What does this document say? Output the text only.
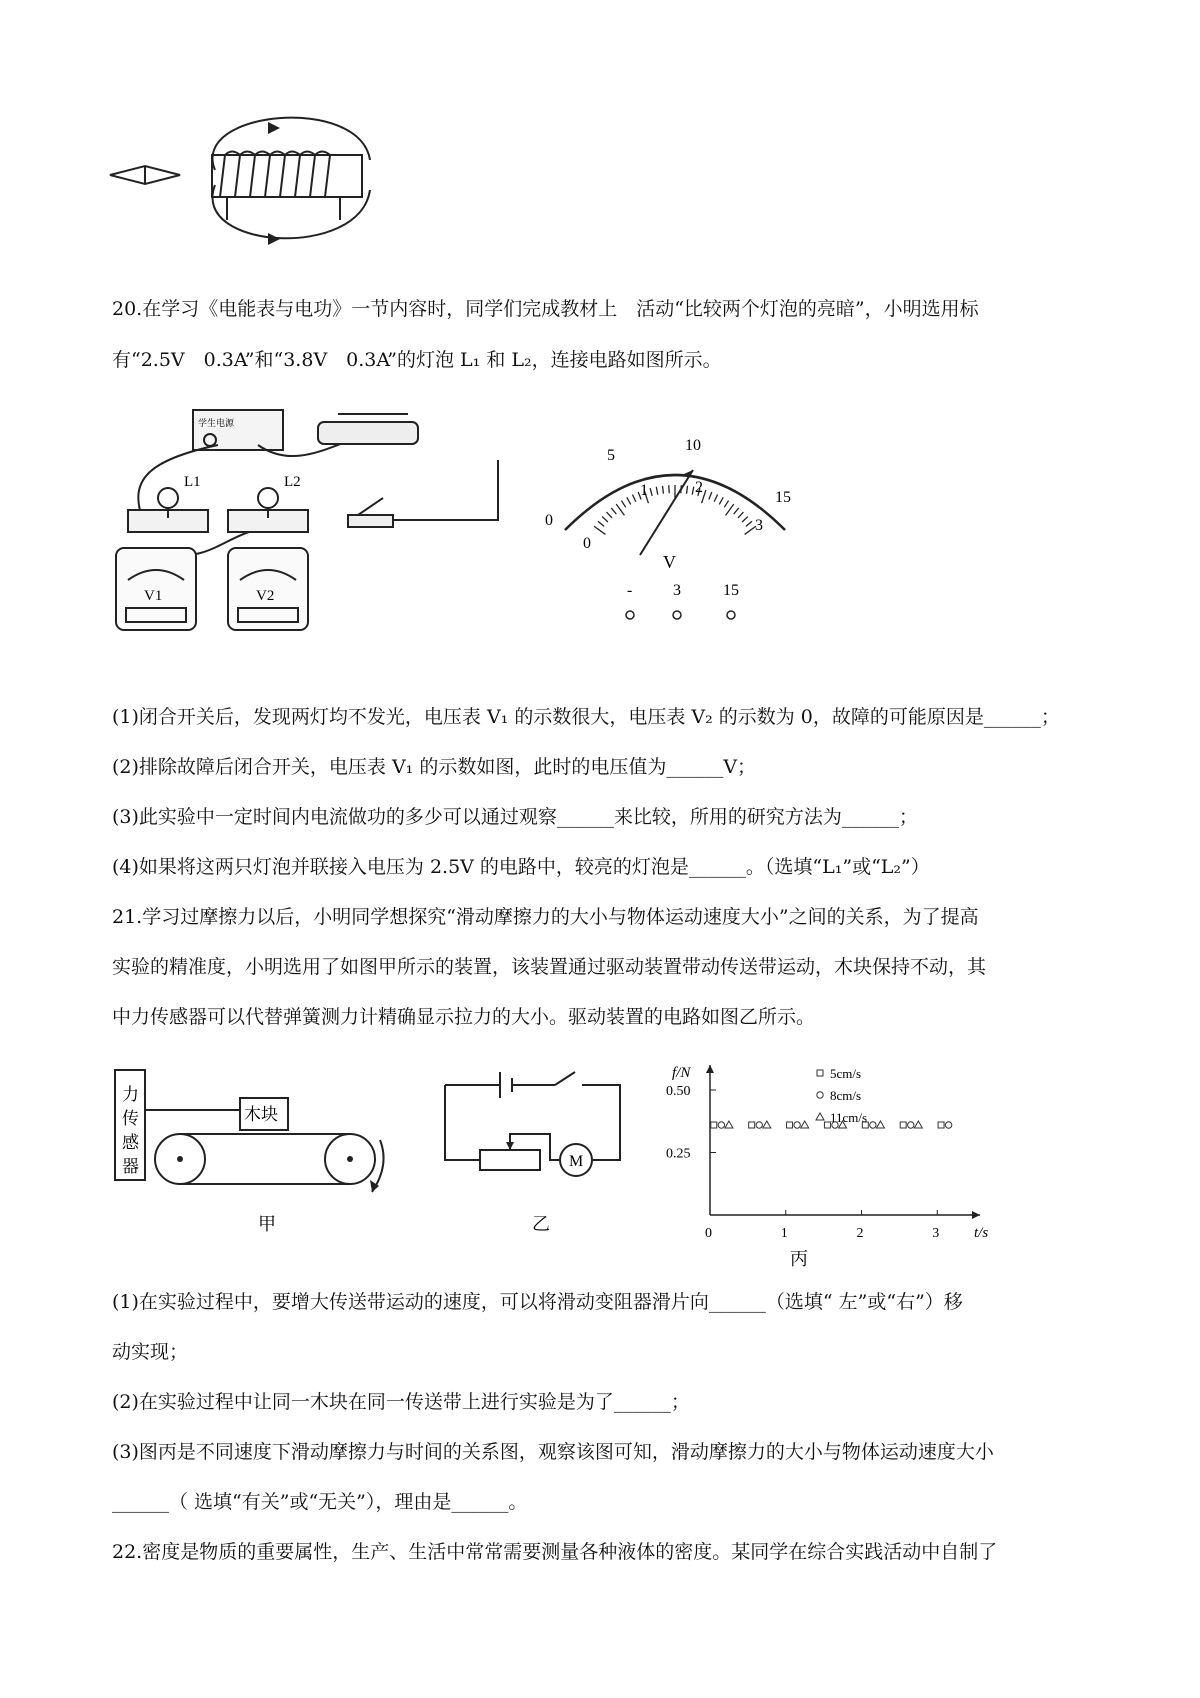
20.在学习《电能表与电功》一节内容时，同学们完成教材上　活动“比较两个灯泡的亮暗”，小明选用标
有“2.5V　0.3A”和“3.8V　0.3A”的灯泡 L₁ 和 L₂，连接电路如图所示。
L1	L2
V1	V2
学生电源
0
5
10
15
0
1	2
3
V
-	3	15
(1)闭合开关后，发现两灯均不发光，电压表 V₁ 的示数很大，电压表 V₂ 的示数为 0，故障的可能原因是______；
(2)排除故障后闭合开关，电压表 V₁ 的示数如图，此时的电压值为______V；
(3)此实验中一定时间内电流做功的多少可以通过观察______来比较，所用的研究方法为______；
(4)如果将这两只灯泡并联接入电压为 2.5V 的电路中，较亮的灯泡是______。（选填“L₁”或“L₂”）
21.学习过摩擦力以后，小明同学想探究“滑动摩擦力的大小与物体运动速度大小”之间的关系，为了提高
实验的精准度，小明选用了如图甲所示的装置，该装置通过驱动装置带动传送带运动，木块保持不动，其
中力传感器可以代替弹簧测力计精确显示拉力的大小。驱动装置的电路如图乙所示。
力传感器
木块
甲
M
乙
f/N
t/s
0.25
0.50
0	1	2	3
5cm/s
8cm/s
11cm/s
丙
(1)在实验过程中，要增大传送带运动的速度，可以将滑动变阻器滑片向______（选填“ 左”或“右”）移
动实现；
(2)在实验过程中让同一木块在同一传送带上进行实验是为了______；
(3)图丙是不同速度下滑动摩擦力与时间的关系图，观察该图可知，滑动摩擦力的大小与物体运动速度大小
______（ 选填“有关”或“无关”），理由是______。
22.密度是物质的重要属性，生产、生活中常常需要测量各种液体的密度。某同学在综合实践活动中自制了
